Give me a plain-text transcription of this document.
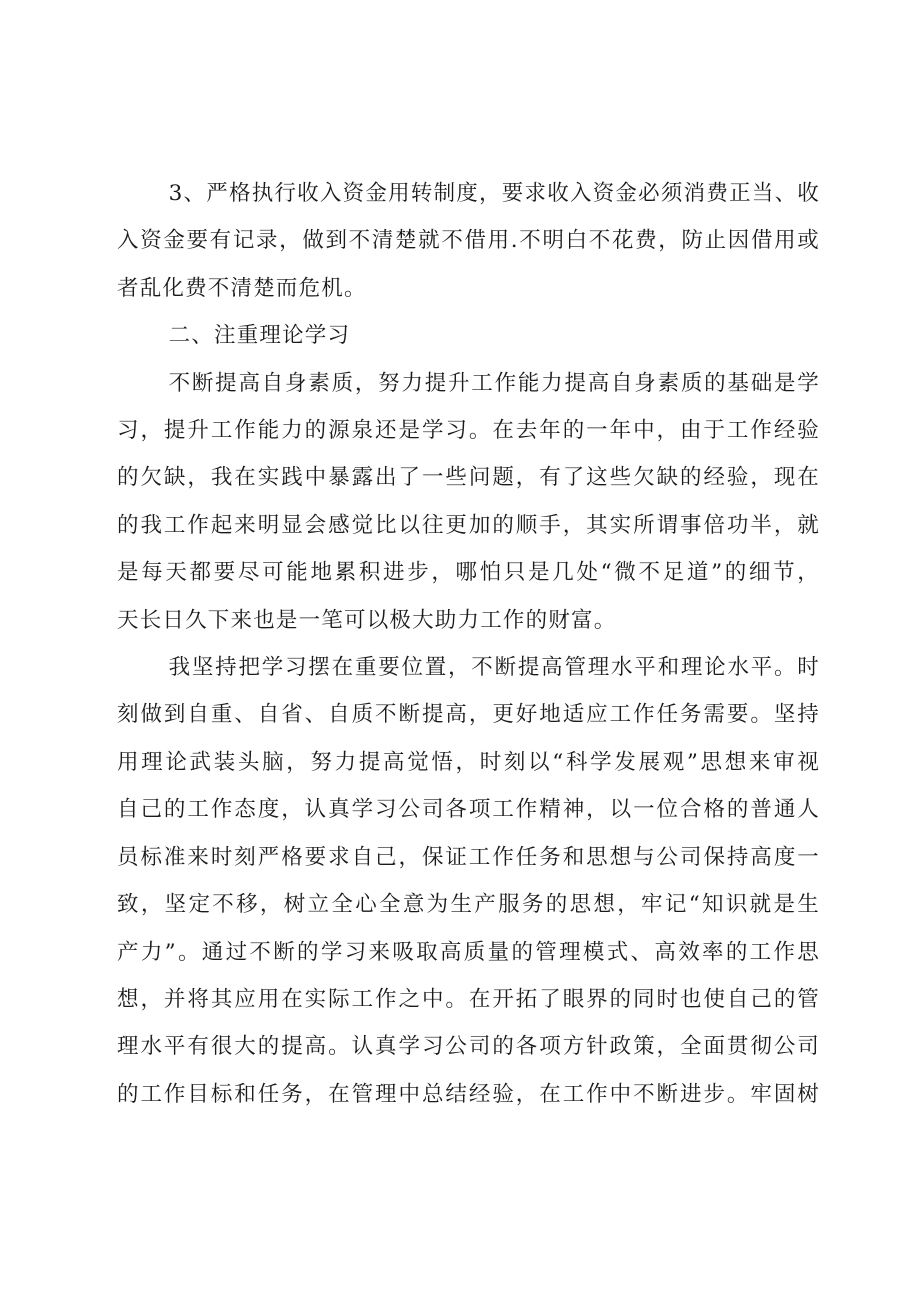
3、严格执行收入资金用转制度，要求收入资金必须消费正当、收
入资金要有记录，做到不清楚就不借用.不明白不花费，防止因借用或
者乱化费不清楚而危机。
二、注重理论学习
不断提高自身素质，努力提升工作能力提高自身素质的基础是学
习，提升工作能力的源泉还是学习。在去年的一年中，由于工作经验
的欠缺，我在实践中暴露出了一些问题，有了这些欠缺的经验，现在
的我工作起来明显会感觉比以往更加的顺手，其实所谓事倍功半，就
是每天都要尽可能地累积进步，哪怕只是几处“微不足道”的细节，
天长日久下来也是一笔可以极大助力工作的财富。
我坚持把学习摆在重要位置，不断提高管理水平和理论水平。时
刻做到自重、自省、自质不断提高，更好地适应工作任务需要。坚持
用理论武装头脑，努力提高觉悟，时刻以“科学发展观”思想来审视
自己的工作态度，认真学习公司各项工作精神，以一位合格的普通人
员标准来时刻严格要求自己，保证工作任务和思想与公司保持高度一
致，坚定不移，树立全心全意为生产服务的思想，牢记“知识就是生
产力”。通过不断的学习来吸取高质量的管理模式、高效率的工作思
想，并将其应用在实际工作之中。在开拓了眼界的同时也使自己的管
理水平有很大的提高。认真学习公司的各项方针政策，全面贯彻公司
的工作目标和任务，在管理中总结经验，在工作中不断进步。牢固树
